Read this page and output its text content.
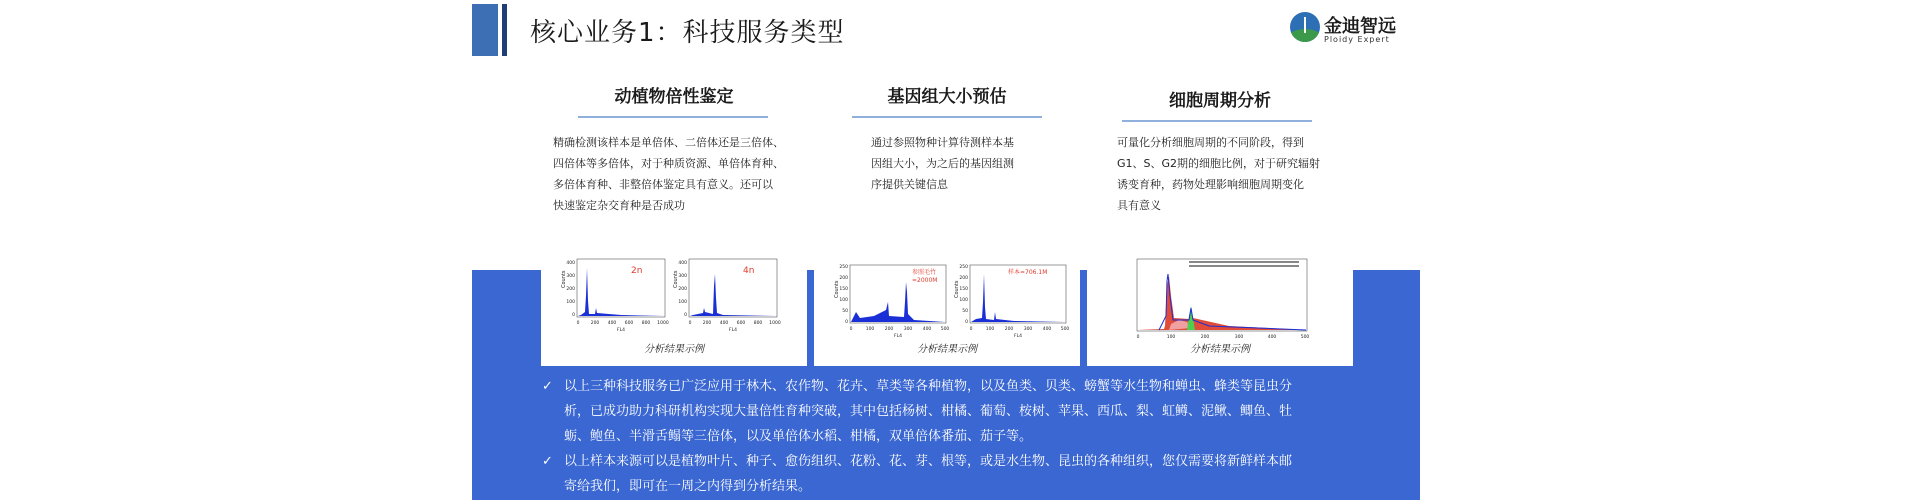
核心业务1：科技服务类型	金迪智远
Ploidy Expert
动植物倍性鉴定
精确检测该样本是单倍体、二倍体还是三倍体、
四倍体等多倍体，对于种质资源、单倍体育种、
多倍体育种、非整倍体鉴定具有意义。还可以
快速鉴定杂交育种是否成功
Counts
400
300
200
100
0
2n
0	200 400 600 800 1000
FL4
Counts
400
300
200
100
0
4n
0	200 400 600 800 1000
FL4
分析结果示例
基因组大小预估
通过参照物种计算待测样本基
因组大小，为之后的基因组测
序提供关键信息
Counts
250
200
150
100
50
0
参照毛竹
=2000M
0	100 200 300 400 500
FL4
Counts
250
200
150
100
50
0
样本=706.1M
0	100 200 300 400 500
FL4
分析结果示例
细胞周期分析
可量化分析细胞周期的不同阶段，得到
G1、S、G2期的细胞比例，对于研究辐射
诱变育种，药物处理影响细胞周期变化
具有意义
0	100	200	300	400	500
分析结果示例
✓ 以上三种科技服务已广泛应用于林木、农作物、花卉、草类等各种植物，以及鱼类、贝类、螃蟹等水生物和蝉虫、蜂类等昆虫分
析，已成功助力科研机构实现大量倍性育种突破，其中包括杨树、柑橘、葡萄、桉树、苹果、西瓜、梨、虹鳟、泥鳅、鲫鱼、牡
蛎、鲍鱼、半滑舌鳎等三倍体，以及单倍体水稻、柑橘，双单倍体番茄、茄子等。
✓ 以上样本来源可以是植物叶片、种子、愈伤组织、花粉、花、芽、根等，或是水生物、昆虫的各种组织，您仅需要将新鲜样本邮
寄给我们，即可在一周之内得到分析结果。
